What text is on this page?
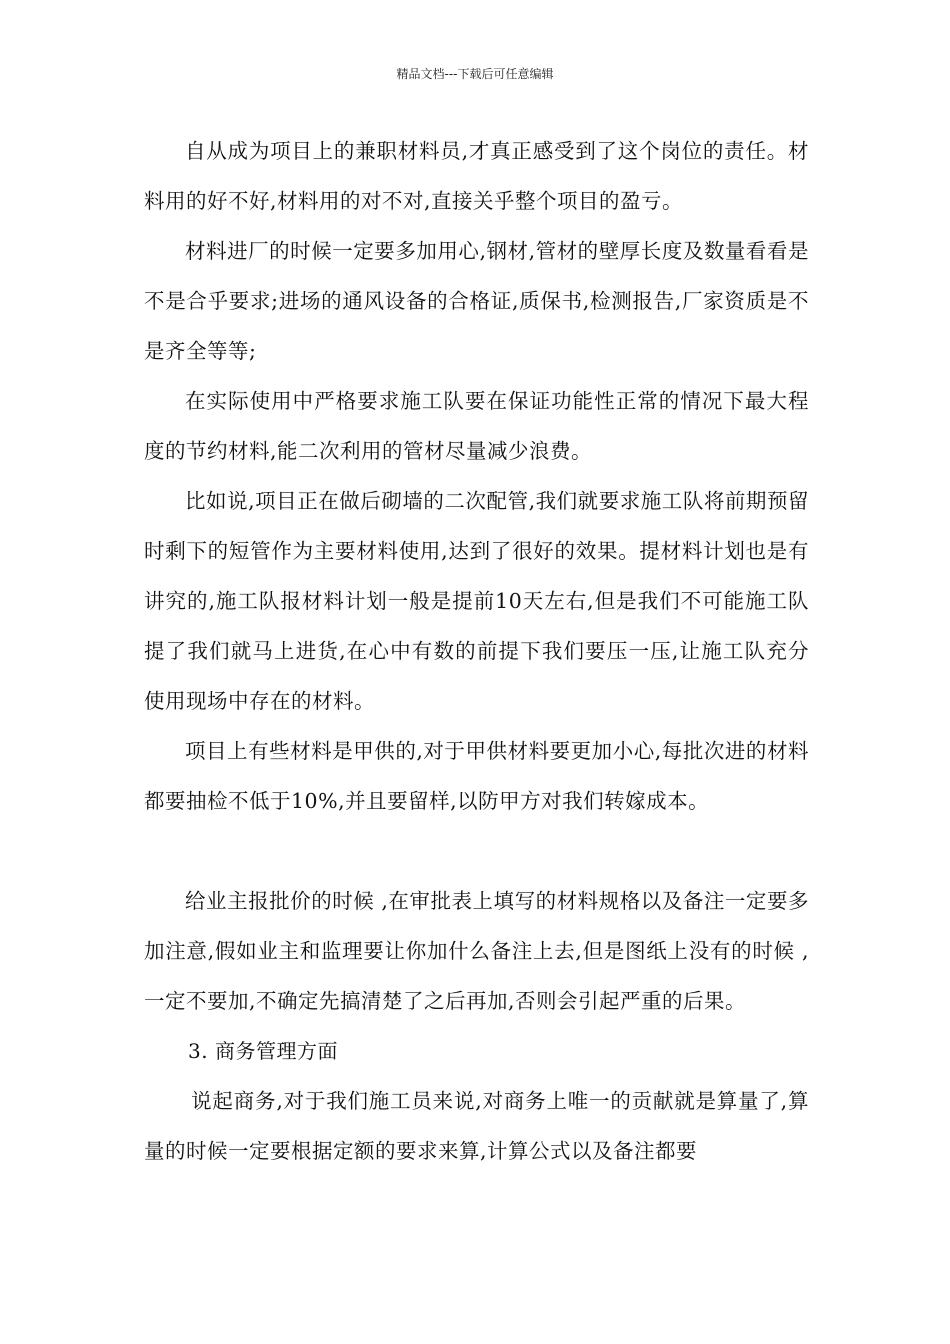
精品文档---下载后可任意编辑

自从成为项目上的兼职材料员,才真正感受到了这个岗位的责任。材料用的好不好,材料用的对不对,直接关乎整个项目的盈亏。

材料进厂的时候一定要多加用心,钢材,管材的壁厚长度及数量看看是不是合乎要求;进场的通风设备的合格证,质保书,检测报告,厂家资质是不是齐全等等;

在实际使用中严格要求施工队要在保证功能性正常的情况下最大程度的节约材料,能二次利用的管材尽量减少浪费。

比如说,项目正在做后砌墙的二次配管,我们就要求施工队将前期预留时剩下的短管作为主要材料使用,达到了很好的效果。提材料计划也是有讲究的,施工队报材料计划一般是提前10天左右,但是我们不可能施工队提了我们就马上进货,在心中有数的前提下我们要压一压,让施工队充分使用现场中存在的材料。

项目上有些材料是甲供的,对于甲供材料要更加小心,每批次进的材料都要抽检不低于10%,并且要留样,以防甲方对我们转嫁成本。

给业主报批价的时候 ,在审批表上填写的材料规格以及备注一定要多加注意,假如业主和监理要让你加什么备注上去,但是图纸上没有的时候 ,一定不要加,不确定先搞清楚了之后再加,否则会引起严重的后果。

3. 商务管理方面

说起商务,对于我们施工员来说,对商务上唯一的贡献就是算量了,算量的时候一定要根据定额的要求来算,计算公式以及备注都要
